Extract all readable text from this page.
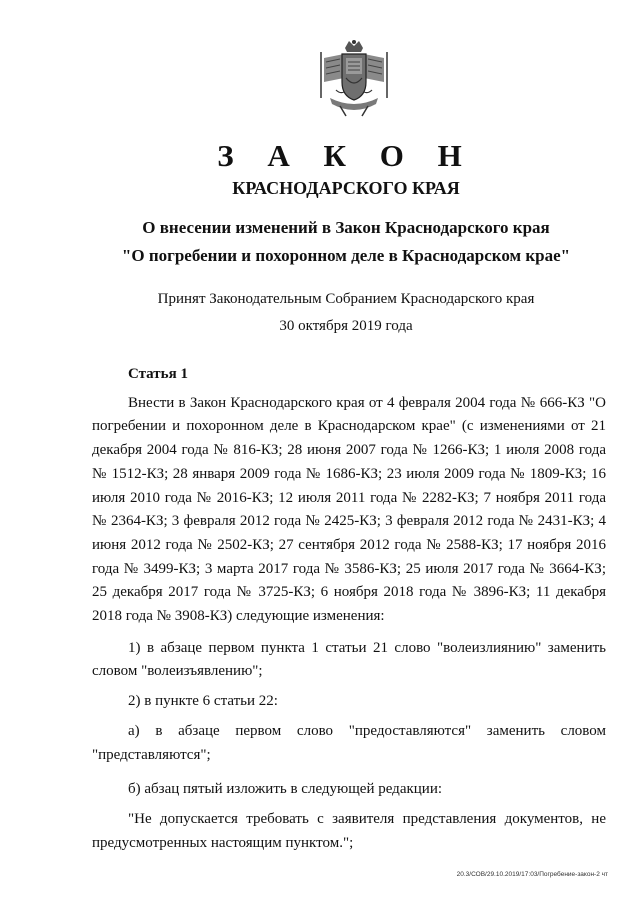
З А К О Н
КРАСНОДАРСКОГО КРАЯ
О внесении изменений в Закон Краснодарского края
"О погребении и похоронном деле в Краснодарском крае"
Принят Законодательным Собранием Краснодарского края
30 октября 2019 года

Статья 1

Внести в Закон Краснодарского края от 4 февраля 2004 года № 666-КЗ "О погребении и похоронном деле в Краснодарском крае" (с изменениями от 21 декабря 2004 года № 816-КЗ; 28 июня 2007 года № 1266-КЗ; 1 июля 2008 года № 1512-КЗ; 28 января 2009 года № 1686-КЗ; 23 июля 2009 года № 1809-КЗ; 16 июля 2010 года № 2016-КЗ; 12 июля 2011 года № 2282-КЗ; 7 ноября 2011 года № 2364-КЗ; 3 февраля 2012 года № 2425-КЗ; 3 февраля 2012 года № 2431-КЗ; 4 июня 2012 года № 2502-КЗ; 27 сентября 2012 года № 2588-КЗ; 17 ноября 2016 года № 3499-КЗ; 3 марта 2017 года № 3586-КЗ; 25 июля 2017 года № 3664-КЗ; 25 декабря 2017 года № 3725-КЗ; 6 ноября 2018 года № 3896-КЗ; 11 декабря 2018 года № 3908-КЗ) следующие изменения:

1) в абзаце первом пункта 1 статьи 21 слово "волеизлиянию" заменить словом "волеизъявлению";

2) в пункте 6 статьи 22:

а) в абзаце первом слово "предоставляются" заменить словом "представляются";

б) абзац пятый изложить в следующей редакции:

"Не допускается требовать с заявителя представления документов, не предусмотренных настоящим пунктом.";

20.3/СОВ/29.10.2019/17:03/Погребение-закон-2 чт
